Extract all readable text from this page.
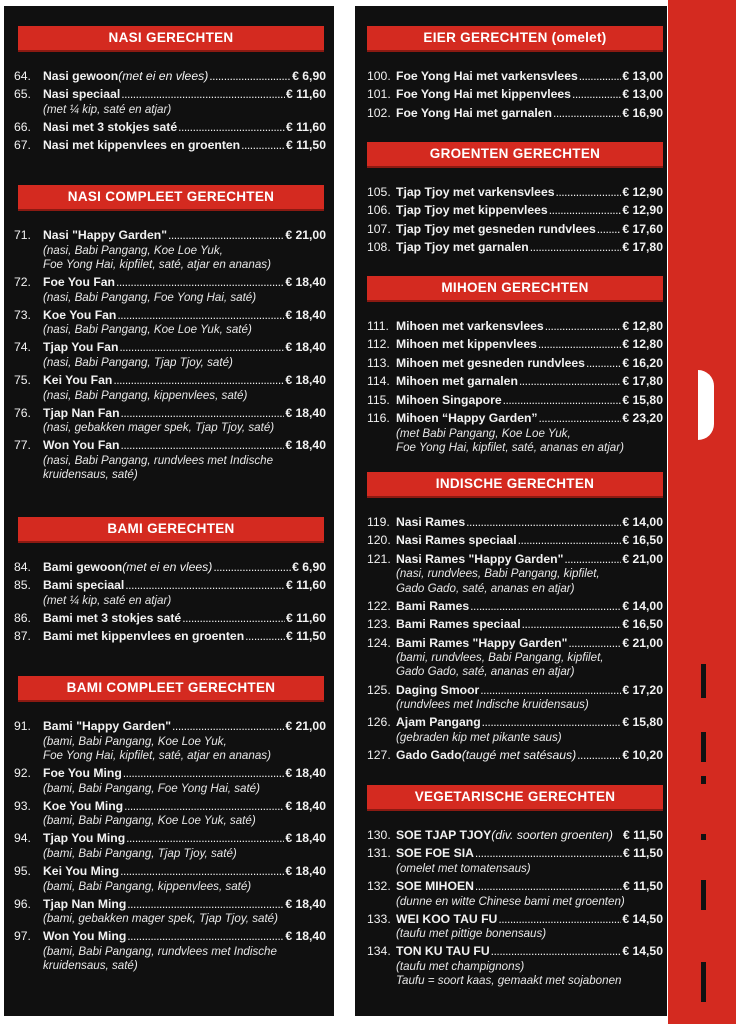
NASI GERECHTEN
64. Nasi gewoon (met ei en vlees) .....	€ 6,90
65. Nasi speciaal .....	€ 11,60
(met ¼ kip, saté en atjar)
66. Nasi met 3 stokjes saté .....	€ 11,60
67. Nasi met kippenvlees en groenten .....	€ 11,50
NASI COMPLEET GERECHTEN
71. Nasi "Happy Garden" .....	€ 21,00
(nasi, Babi Pangang, Koe Loe Yuk,
Foe Yong Hai, kipfilet, saté, atjar en ananas)
72. Foe You Fan .....	€ 18,40
(nasi, Babi Pangang, Foe Yong Hai, saté)
73. Koe You Fan .....	€ 18,40
(nasi, Babi Pangang, Koe Loe Yuk, saté)
74. Tjap You Fan .....	€ 18,40
(nasi, Babi Pangang, Tjap Tjoy, saté)
75. Kei You Fan .....	€ 18,40
(nasi, Babi Pangang, kippenvlees, saté)
76. Tjap Nan Fan .....	€ 18,40
(nasi, gebakken mager spek, Tjap Tjoy, saté)
77. Won You Fan .....	€ 18,40
(nasi, Babi Pangang, rundvlees met Indische
kruidensaus, saté)
BAMI GERECHTEN
84. Bami gewoon (met ei en vlees) .....	€ 6,90
85. Bami speciaal .....	€ 11,60
(met ¼ kip, saté en atjar)
86. Bami met 3 stokjes saté .....	€ 11,60
87. Bami met kippenvlees en groenten .....	€ 11,50
BAMI COMPLEET GERECHTEN
91. Bami "Happy Garden" .....	€ 21,00
(bami, Babi Pangang, Koe Loe Yuk,
Foe Yong Hai, kipfilet, saté, atjar en ananas)
92. Foe You Ming .....	€ 18,40
(bami, Babi Pangang, Foe Yong Hai, saté)
93. Koe You Ming .....	€ 18,40
(bami, Babi Pangang, Koe Loe Yuk, saté)
94. Tjap You Ming .....	€ 18,40
(bami, Babi Pangang, Tjap Tjoy, saté)
95. Kei You Ming .....	€ 18,40
(bami, Babi Pangang, kippenvlees, saté)
96. Tjap Nan Ming .....	€ 18,40
(bami, gebakken mager spek, Tjap Tjoy, saté)
97. Won You Ming .....	€ 18,40
(bami, Babi Pangang, rundvlees met Indische
kruidensaus, saté)
EIER GERECHTEN (omelet)
100. Foe Yong Hai met varkensvlees .....	€ 13,00
101. Foe Yong Hai met kippenvlees .....	€ 13,00
102. Foe Yong Hai met garnalen .....	€ 16,90
GROENTEN GERECHTEN
105. Tjap Tjoy met varkensvlees .....	€ 12,90
106. Tjap Tjoy met kippenvlees .....	€ 12,90
107. Tjap Tjoy met gesneden rundvlees ..... € 17,60
108. Tjap Tjoy met garnalen .....	€ 17,80
MIHOEN GERECHTEN
111. Mihoen met varkensvlees .....	€ 12,80
112. Mihoen met kippenvlees .....	€ 12,80
113. Mihoen met gesneden rundvlees .....	€ 16,20
114. Mihoen met garnalen .....	€ 17,80
115. Mihoen Singapore .....	€ 15,80
116. Mihoen “Happy Garden” .....	€ 23,20
(met Babi Pangang, Koe Loe Yuk,
Foe Yong Hai, kipfilet, saté, ananas en atjar)
INDISCHE GERECHTEN
119. Nasi Rames .....	€ 14,00
120. Nasi Rames speciaal .....	€ 16,50
121. Nasi Rames "Happy Garden" .....	€ 21,00
(nasi, rundvlees, Babi Pangang, kipfilet,
Gado Gado, saté, ananas en atjar)
122. Bami Rames .....	€ 14,00
123. Bami Rames speciaal .....	€ 16,50
124. Bami Rames "Happy Garden" .....	€ 21,00
(bami, rundvlees, Babi Pangang, kipfilet,
Gado Gado, saté, ananas en atjar)
125. Daging Smoor .....	€ 17,20
(rundvlees met Indische kruidensaus)
126. Ajam Pangang .....	€ 15,80
(gebraden kip met pikante saus)
127. Gado Gado (taugé met satésaus) .....	€ 10,20
VEGETARISCHE GERECHTEN
130. SOE TJAP TJOY (div. soorten groenten) € 11,50
131. SOE FOE SIA .....	€ 11,50
(omelet met tomatensaus)
132. SOE MIHOEN .....	€ 11,50
(dunne en witte Chinese bami met groenten)
133. WEI KOO TAU FU .....	€ 14,50
(taufu met pittige bonensaus)
134. TON KU TAU FU .....	€ 14,50
(taufu met champignons)
Taufu = soort kaas, gemaakt met sojabonen
